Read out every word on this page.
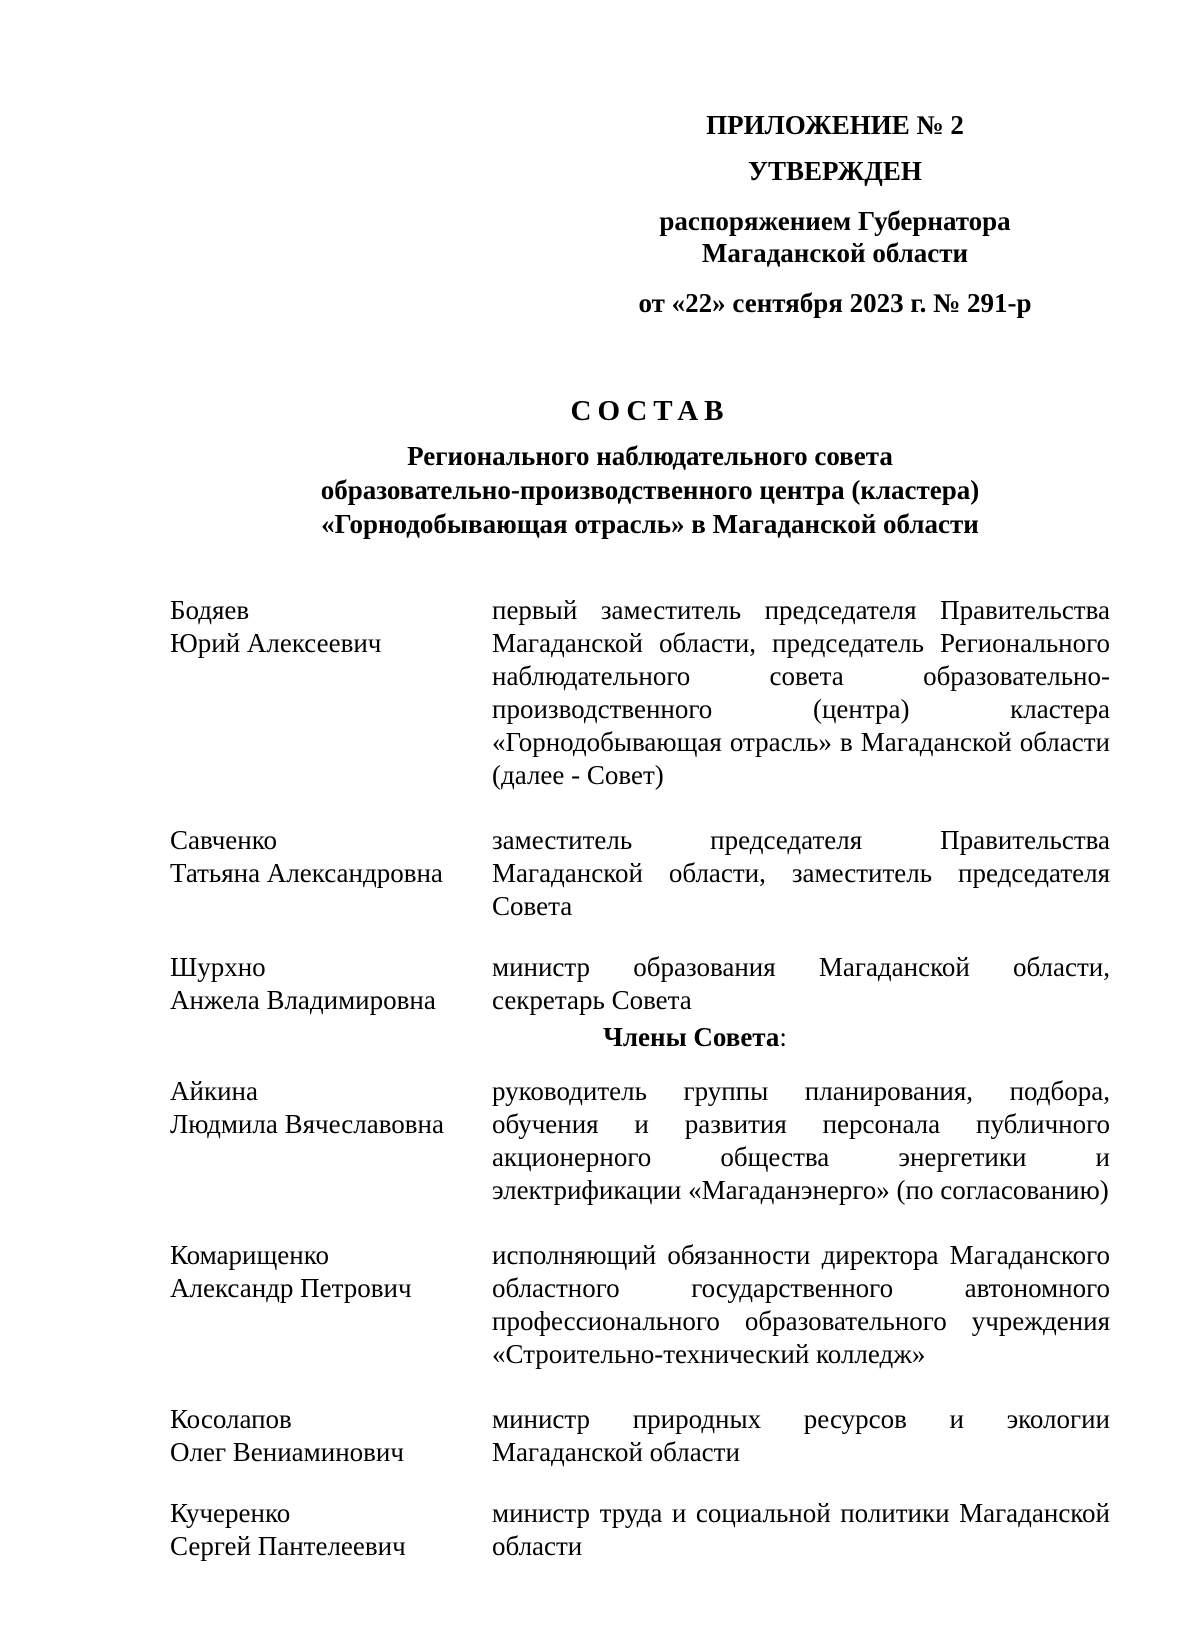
ПРИЛОЖЕНИЕ № 2
УТВЕРЖДЕН
распоряжением Губернатора
Магаданской области
от «22» сентября 2023 г. № 291-р
СОСТАВ
Регионального наблюдательного совета
образовательно-производственного центра (кластера)
«Горнодобывающая отрасль» в Магаданской области
Бодяев
Юрий Алексеевич
первый заместитель председателя Правительства Магаданской области, председатель Регионального наблюдательного совета образовательно-производственного (центра) кластера «Горнодобывающая отрасль» в Магаданской области (далее - Совет)
Савченко
Татьяна Александровна
заместитель председателя Правительства Магаданской области, заместитель председателя Совета
Шурхно
Анжела Владимировна
министр образования Магаданской области, секретарь Совета
Члены Совета:
Айкина
Людмила Вячеславовна
руководитель группы планирования, подбора, обучения и развития персонала публичного акционерного общества энергетики и электрификации «Магаданэнерго» (по согласованию)
Комарищенко
Александр Петрович
исполняющий обязанности директора Магаданского областного государственного автономного профессионального образовательного учреждения «Строительно-технический колледж»
Косолапов
Олег Вениаминович
министр природных ресурсов и экологии Магаданской области
Кучеренко
Сергей Пантелеевич
министр труда и социальной политики Магаданской области
